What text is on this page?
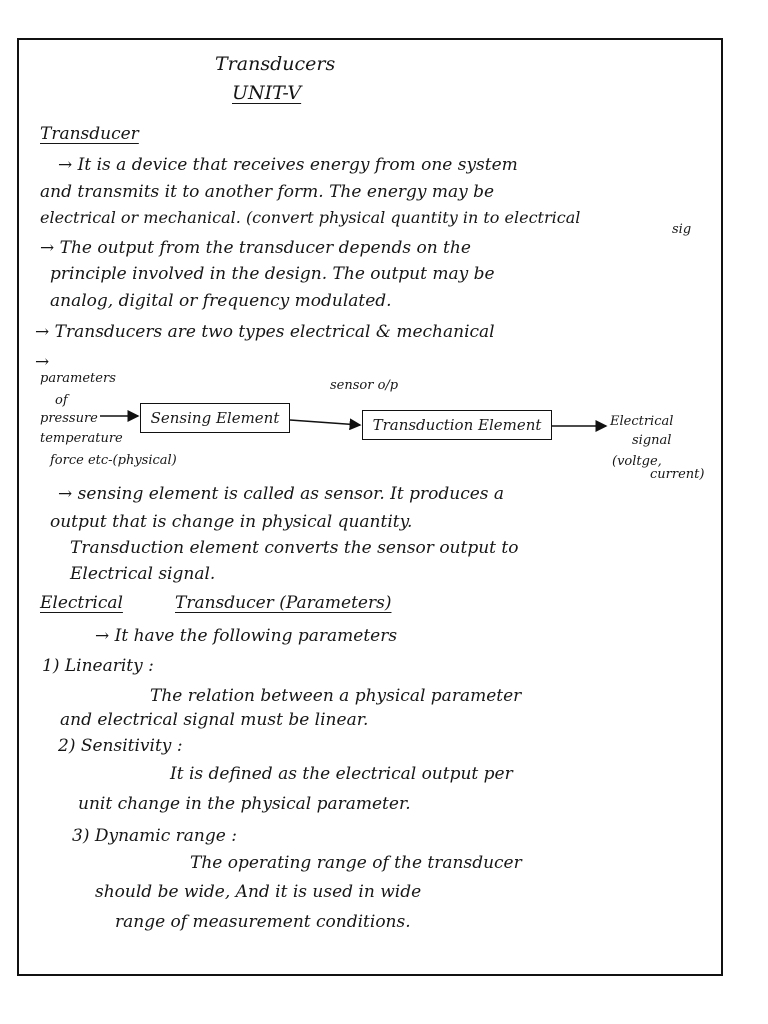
Transducers
UNIT-V
Transducer
→ It is a device that receives energy from one system
and transmits it to another form. The energy may be
electrical or mechanical. (convert physical quantity in to electrical
sig
→ The output from the transducer depends on the
principle involved in the design. The output may be
analog, digital or frequency modulated.
→ Transducers are two types electrical & mechanical
→
parameters
of
pressure
temperature
force etc-(physical)
Sensing Element
sensor o/p
Transduction Element	Electrical
signal
(voltge,
current)
→ sensing element is called as sensor. It produces a
output that is change in physical quantity.
Transduction element converts the sensor output to
Electrical signal.
Electrical	Transducer (Parameters)
→ It have the following parameters
1) Linearity :
The relation between a physical parameter
and electrical signal must be linear.
2) Sensitivity :
It is defined as the electrical output per
unit change in the physical parameter.
3) Dynamic range :
The operating range of the transducer
should be wide, And it is used in wide
range of measurement conditions.
